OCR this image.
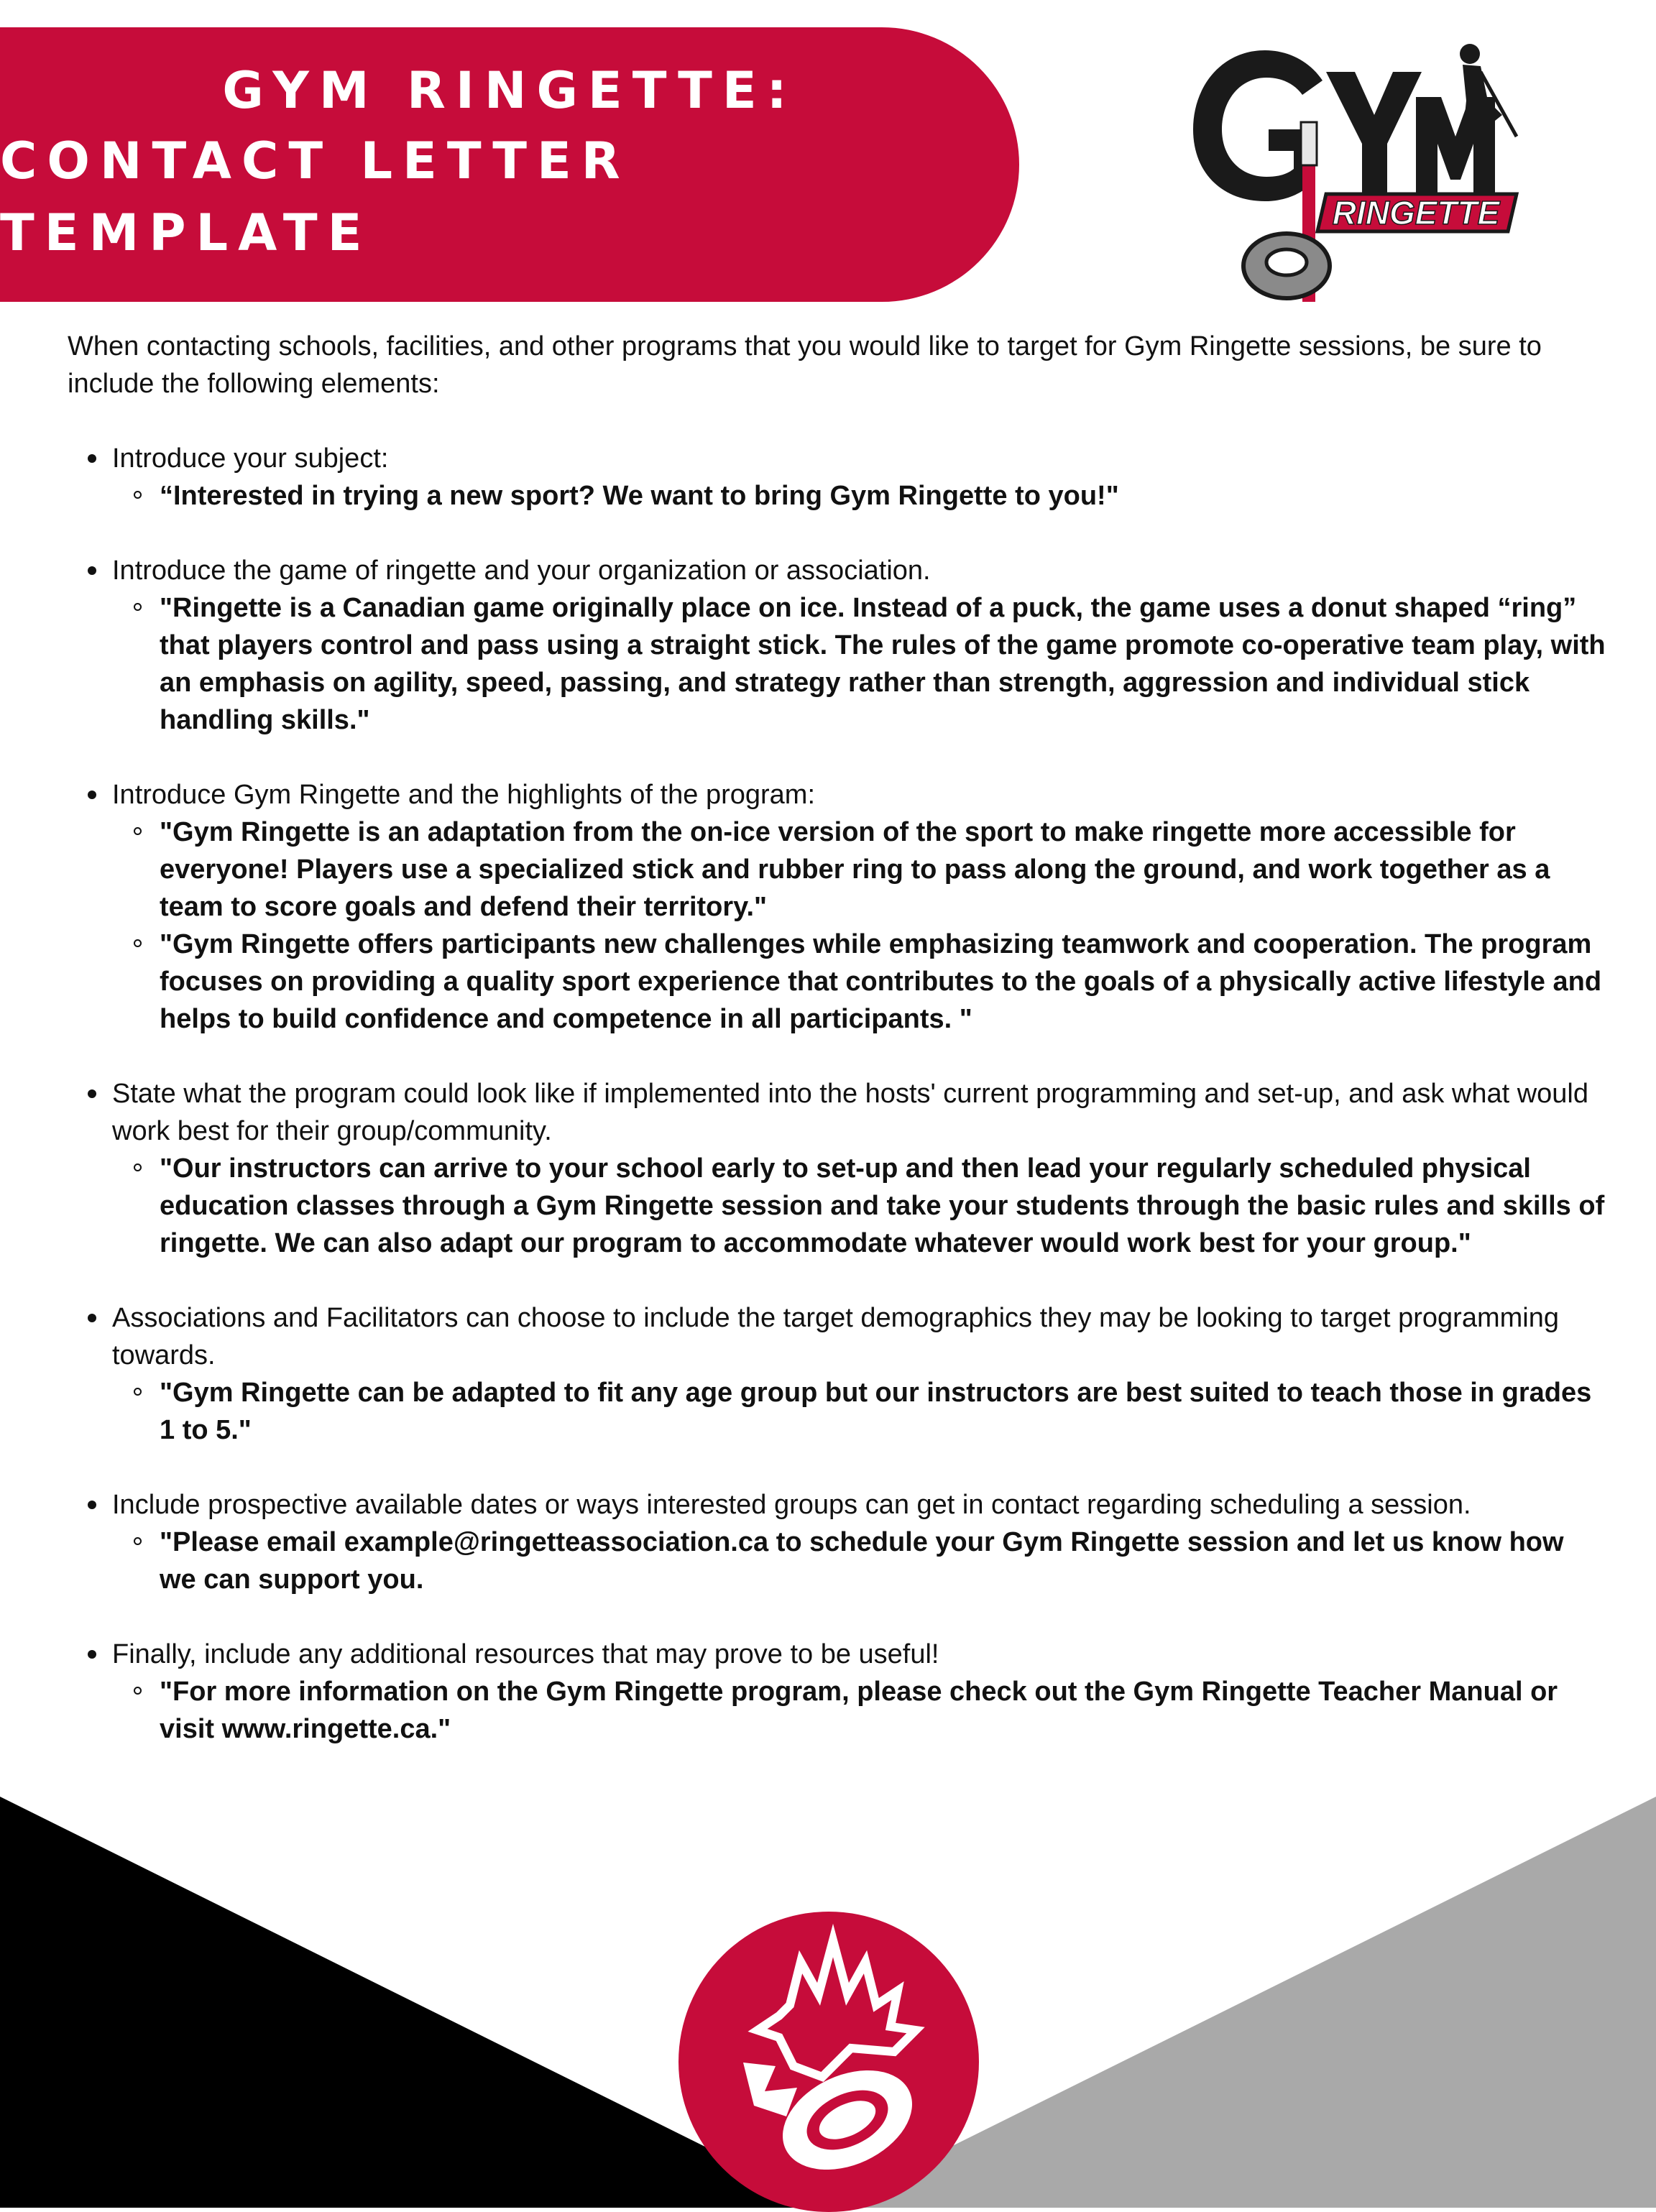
GYM RINGETTE:
CONTACT LETTER TEMPLATE	RINGETTE

When contacting schools, facilities, and other programs that you would like to target for Gym Ringette sessions, be sure to include the following elements:

Introduce your subject:
“Interested in trying a new sport? We want to bring Gym Ringette to you!"
Introduce the game of ringette and your organization or association.
"Ringette is a Canadian game originally place on ice. Instead of a puck, the game uses a donut shaped “ring” that players control and pass using a straight stick. The rules of the game promote co-operative team play, with an emphasis on agility, speed, passing, and strategy rather than strength, aggression and individual stick handling skills."
Introduce Gym Ringette and the highlights of the program:
"Gym Ringette is an adaptation from the on-ice version of the sport to make ringette more accessible for everyone! Players use a specialized stick and rubber ring to pass along the ground, and work together as a team to score goals and defend their territory."
"Gym Ringette offers participants new challenges while emphasizing teamwork and cooperation. The program focuses on providing a quality sport experience that contributes to the goals of a physically active lifestyle and helps to build confidence and competence in all participants. "
State what the program could look like if implemented into the hosts' current programming and set-up, and ask what would work best for their group/community.
"Our instructors can arrive to your school early to set-up and then lead your regularly scheduled physical education classes through a Gym Ringette session and take your students through the basic rules and skills of ringette. We can also adapt our program to accommodate whatever would work best for your group."
Associations and Facilitators can choose to include the target demographics they may be looking to target programming towards.
"Gym Ringette can be adapted to fit any age group but our instructors are best suited to teach those in grades 1 to 5."
Include prospective available dates or ways interested groups can get in contact regarding scheduling a session.
"Please email example@ringetteassociation.ca to schedule your Gym Ringette session and let us know how we can support you.
Finally, include any additional resources that may prove to be useful!
"For more information on the Gym Ringette program, please check out the Gym Ringette Teacher Manual or visit www.ringette.ca."
